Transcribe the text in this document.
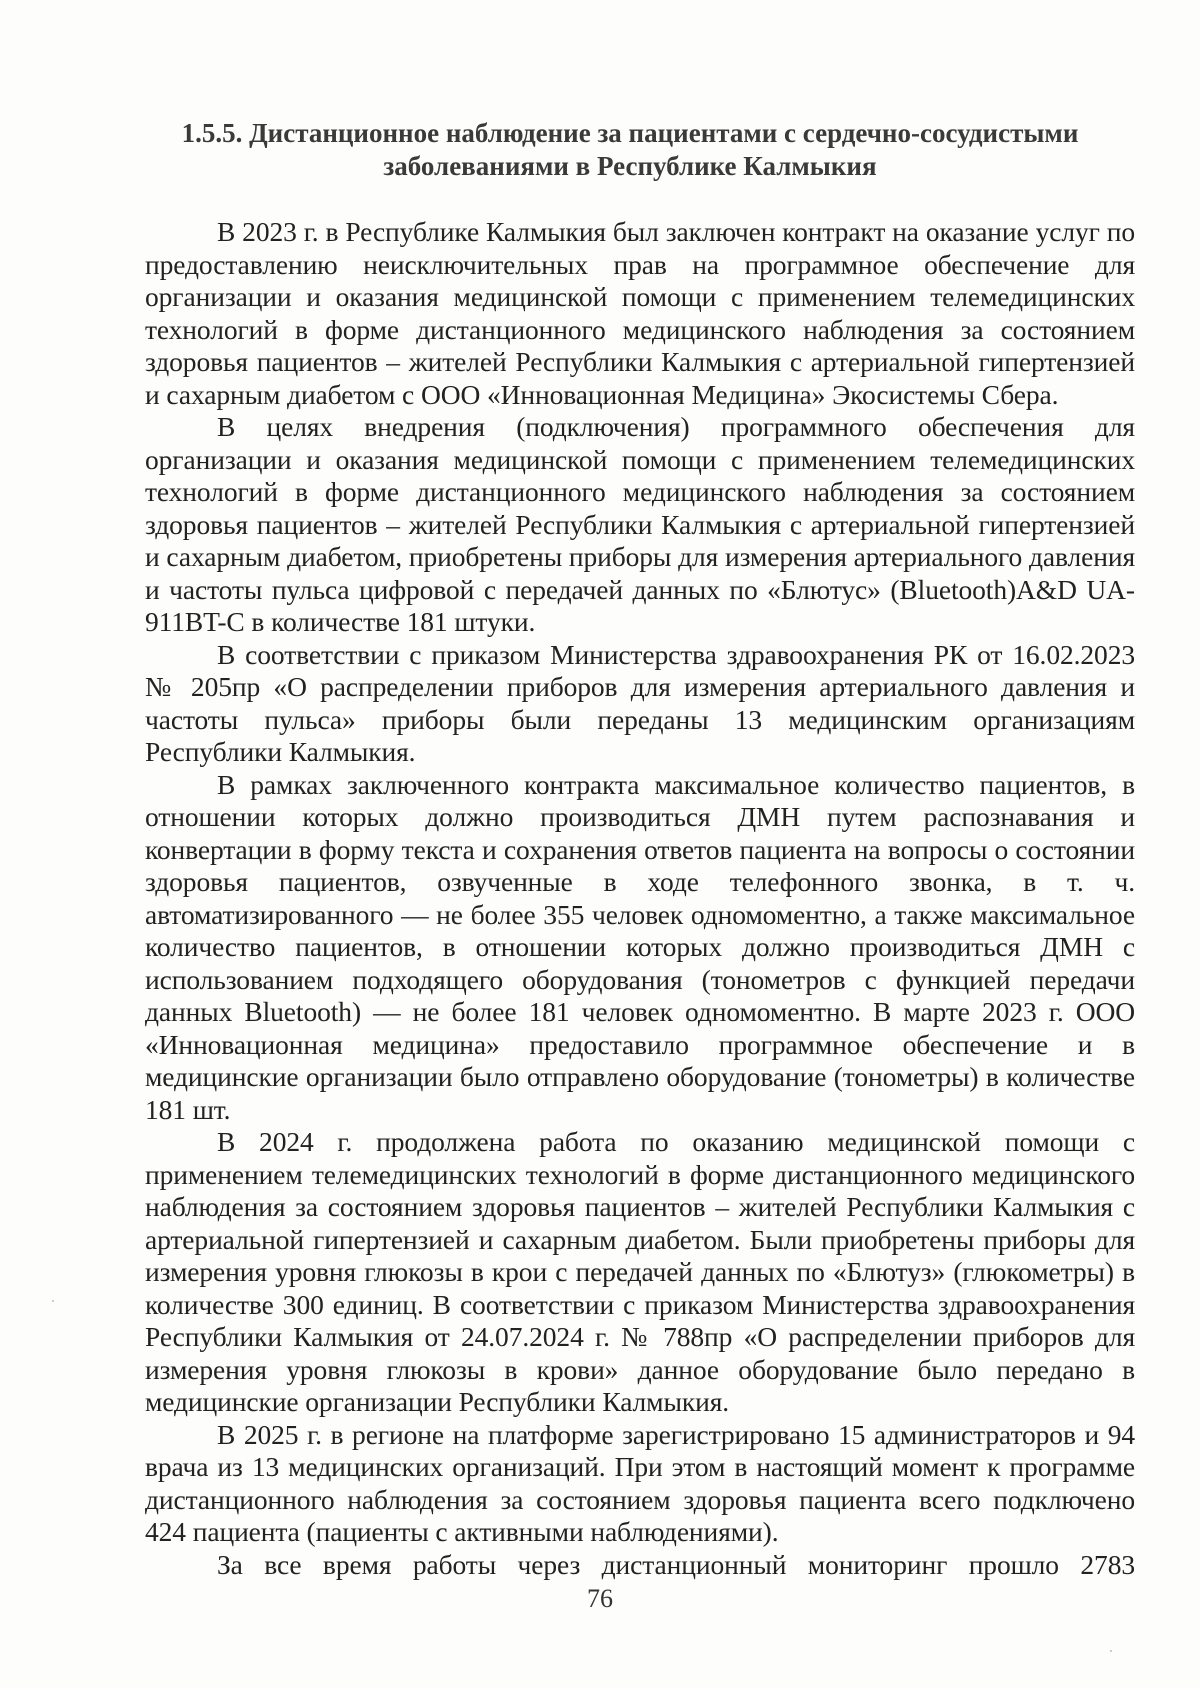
1.5.5. Дистанционное наблюдение за пациентами с сердечно-сосудистыми
заболеваниями в Республике Калмыкия

В 2023 г. в Республике Калмыкия был заключен контракт на оказание услуг по предоставлению неисключительных прав на программное обеспечение для организации и оказания медицинской помощи с применением телемедицинских технологий в форме дистанционного медицинского наблюдения за состоянием здоровья пациентов – жителей Республики Калмыкия с артериальной гипертензией и сахарным диабетом с ООО «Инновационная Медицина» Экосистемы Сбера.

В целях внедрения (подключения) программного обеспечения для организации и оказания медицинской помощи с применением телемедицинских технологий в форме дистанционного медицинского наблюдения за состоянием здоровья пациентов – жителей Республики Калмыкия с артериальной гипертензией и сахарным диабетом, приобретены приборы для измерения артериального давления и частоты пульса цифровой с передачей данных по «Блютус» (Bluetooth)A&D UA-911BT-C в количестве 181 штуки.

В соответствии с приказом Министерства здравоохранения РК от 16.02.2023 № 205пр «О распределении приборов для измерения артериального давления и частоты пульса» приборы были переданы 13 медицинским организациям Республики Калмыкия.

В рамках заключенного контракта максимальное количество пациентов, в отношении которых должно производиться ДМН путем распознавания и конвертации в форму текста и сохранения ответов пациента на вопросы о состоянии здоровья пациентов, озвученные в ходе телефонного звонка, в т. ч. автоматизированного — не более 355 человек одномоментно, а также максимальное количество пациентов, в отношении которых должно производиться ДМН с использованием подходящего оборудования (тонометров с функцией передачи данных Bluetooth) — не более 181 человек одномоментно. В марте 2023 г. ООО «Инновационная медицина» предоставило программное обеспечение и в медицинские организации было отправлено оборудование (тонометры) в количестве 181 шт.

В 2024 г. продолжена работа по оказанию медицинской помощи с применением телемедицинских технологий в форме дистанционного медицинского наблюдения за состоянием здоровья пациентов – жителей Республики Калмыкия с артериальной гипертензией и сахарным диабетом. Были приобретены приборы для измерения уровня глюкозы в крои с передачей данных по «Блютуз» (глюкометры) в количестве 300 единиц. В соответствии с приказом Министерства здравоохранения Республики Калмыкия от 24.07.2024 г. № 788пр «О распределении приборов для измерения уровня глюкозы в крови» данное оборудование было передано в медицинские организации Республики Калмыкия.

В 2025 г. в регионе на платформе зарегистрировано 15 администраторов и 94 врача из 13 медицинских организаций. При этом в настоящий момент к программе дистанционного наблюдения за состоянием здоровья пациента всего подключено 424 пациента (пациенты с активными наблюдениями).

За все время работы через дистанционный мониторинг прошло 2783

76
